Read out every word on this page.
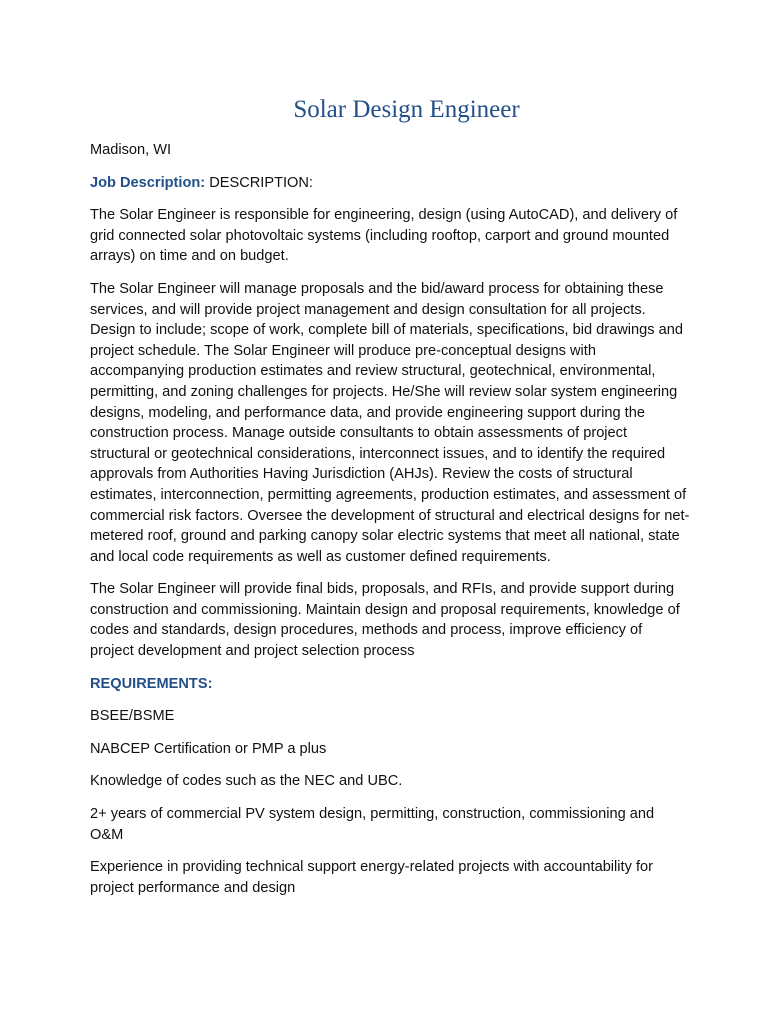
Solar Design Engineer

Madison, WI

Job Description: DESCRIPTION:

The Solar Engineer is responsible for engineering, design (using AutoCAD), and delivery of grid connected solar photovoltaic systems (including rooftop, carport and ground mounted arrays) on time and on budget.

The Solar Engineer will manage proposals and the bid/award process for obtaining these services, and will provide project management and design consultation for all projects. Design to include; scope of work, complete bill of materials, specifications, bid drawings and project schedule. The Solar Engineer will produce pre-conceptual designs with accompanying production estimates and review structural, geotechnical, environmental, permitting, and zoning challenges for projects. He/She will review solar system engineering designs, modeling, and performance data, and provide engineering support during the construction process. Manage outside consultants to obtain assessments of project structural or geotechnical considerations, interconnect issues, and to identify the required approvals from Authorities Having Jurisdiction (AHJs). Review the costs of structural estimates, interconnection, permitting agreements, production estimates, and assessment of commercial risk factors. Oversee the development of structural and electrical designs for net-metered roof, ground and parking canopy solar electric systems that meet all national, state and local code requirements as well as customer defined requirements.

The Solar Engineer will provide final bids, proposals, and RFIs, and provide support during construction and commissioning. Maintain design and proposal requirements, knowledge of codes and standards, design procedures, methods and process, improve efficiency of project development and project selection process

REQUIREMENTS:

BSEE/BSME

NABCEP Certification or PMP a plus

Knowledge of codes such as the NEC and UBC.

2+ years of commercial PV system design, permitting, construction, commissioning and O&M

Experience in providing technical support energy-related projects with accountability for project performance and design
